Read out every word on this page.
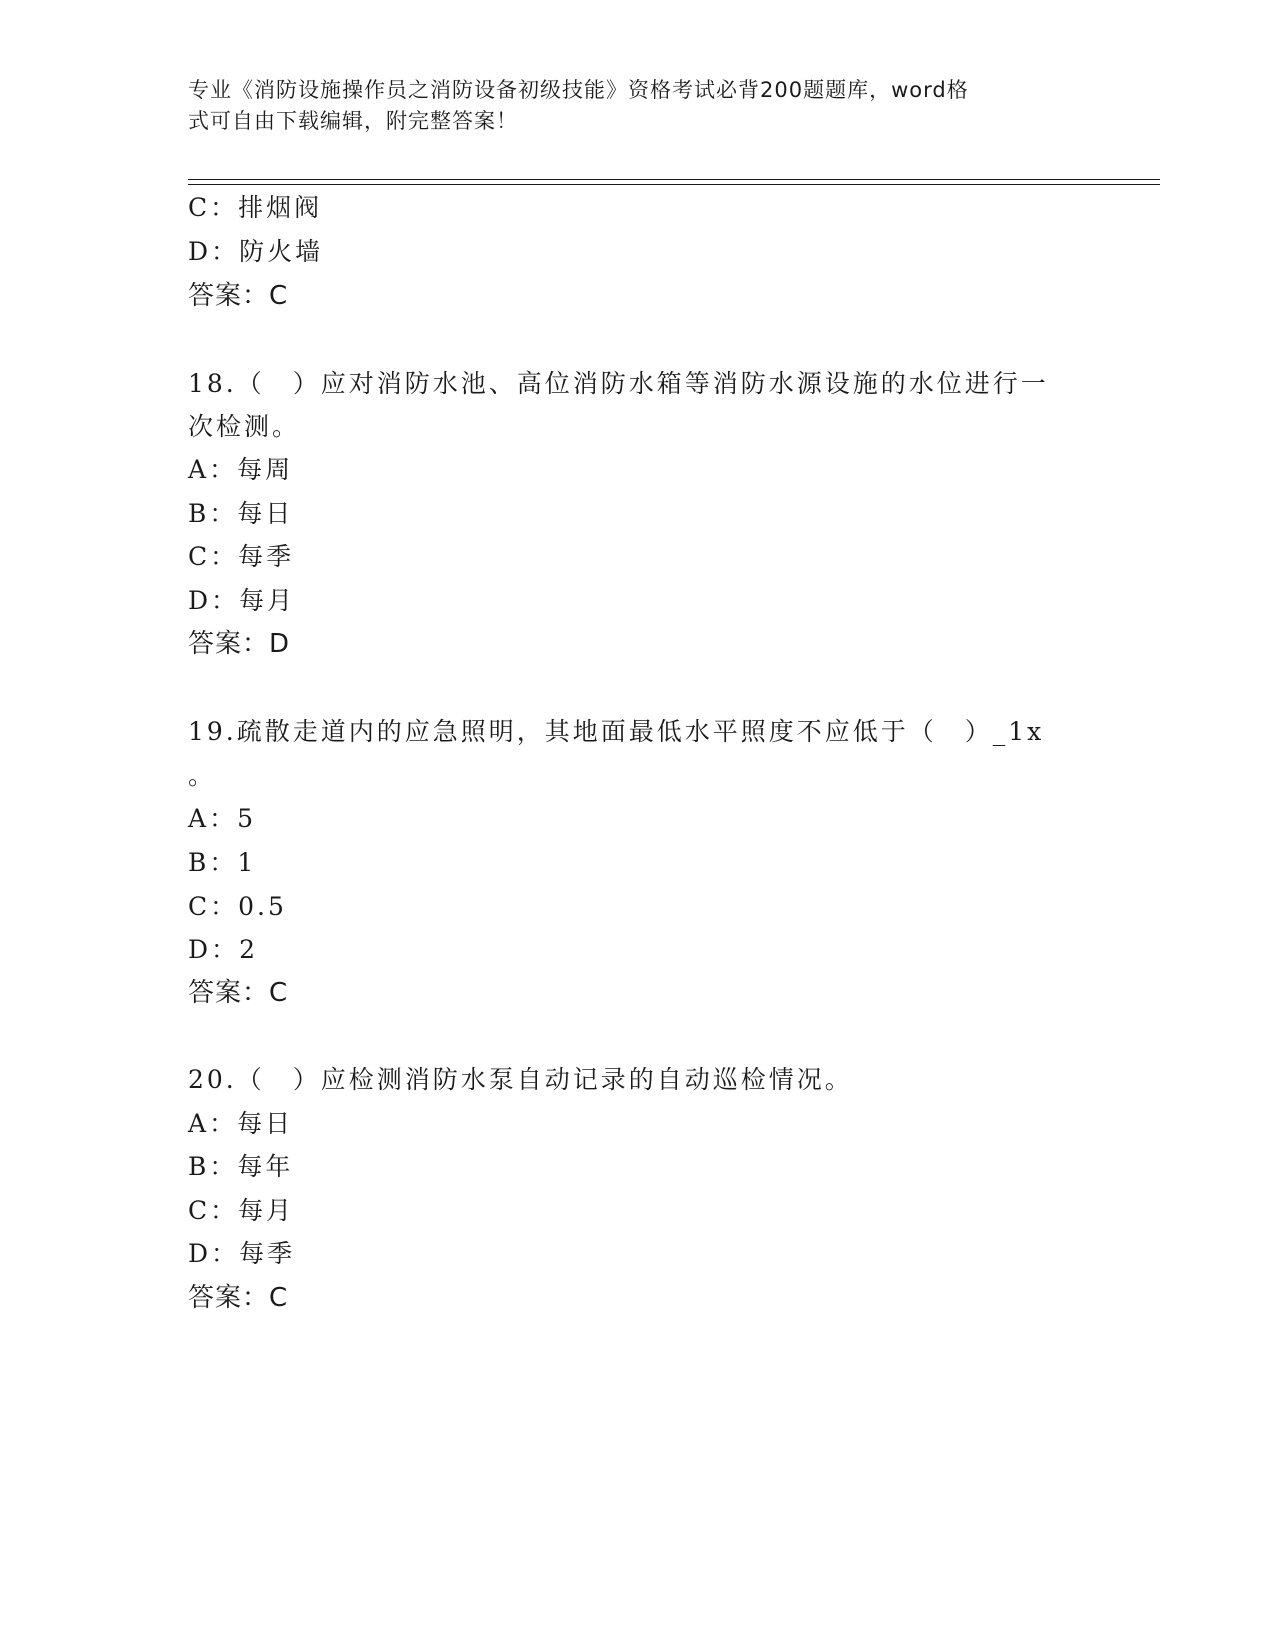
专业《消防设施操作员之消防设备初级技能》资格考试必背200题题库，word格
式可自由下载编辑，附完整答案！
C：排烟阀
D：防火墙
答案：C
18.（　）应对消防水池、高位消防水箱等消防水源设施的水位进行一
次检测。
A：每周
B：每日
C：每季
D：每月
答案：D
19.疏散走道内的应急照明，其地面最低水平照度不应低于（　）_1x
。
A：5
B：1
C：0.5
D：2
答案：C
20.（　）应检测消防水泵自动记录的自动巡检情况。
A：每日
B：每年
C：每月
D：每季
答案：C
